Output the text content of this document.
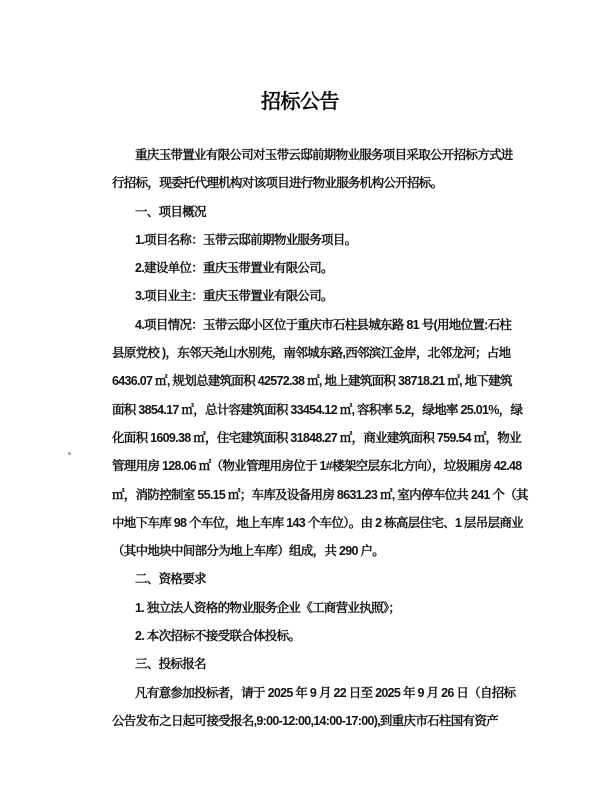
招标公告
重庆玉带置业有限公司对玉带云邸前期物业服务项目采取公开招标方式进
行招标，现委托代理机构对该项目进行物业服务机构公开招标。
一、项目概况
1.项目名称：玉带云邸前期物业服务项目。
2.建设单位：重庆玉带置业有限公司。
3.项目业主：重庆玉带置业有限公司。
4.项目情况：玉带云邸小区位于重庆市石柱县城东路 81 号(用地位置:石柱
县原党校 )，东邻天尧山水别苑，南邻城东路,西邻滨江金岸，北邻龙河；占地
6436.07 ㎡, 规划总建筑面积 42572.38 ㎡, 地上建筑面积 38718.21 ㎡, 地下建筑
面积 3854.17 ㎡，总计容建筑面积 33454.12 ㎡, 容积率 5.2，绿地率 25.01%，绿
化面积 1609.38 ㎡，住宅建筑面积 31848.27 ㎡，商业建筑面积 759.54 ㎡，物业
管理用房 128.06 ㎡（物业管理用房位于 1#楼架空层东北方向），垃圾厢房 42.48
㎡，消防控制室 55.15 ㎡；车库及设备用房 8631.23 ㎡, 室内停车位共 241 个（其
中地下车库 98 个车位，地上车库 143 个车位）。由 2 栋高层住宅、1 层吊层商业
（其中地块中间部分为地上车库）组成，共 290 户。
二、资格要求
1. 独立法人资格的物业服务企业《工商营业执照》；
2. 本次招标不接受联合体投标。
三、投标报名
凡有意参加投标者，请于 2025 年 9 月 22 日至 2025 年 9 月 26 日（自招标
公告发布之日起可接受报名,9:00-12:00,14:00-17:00),到重庆市石柱国有资产
